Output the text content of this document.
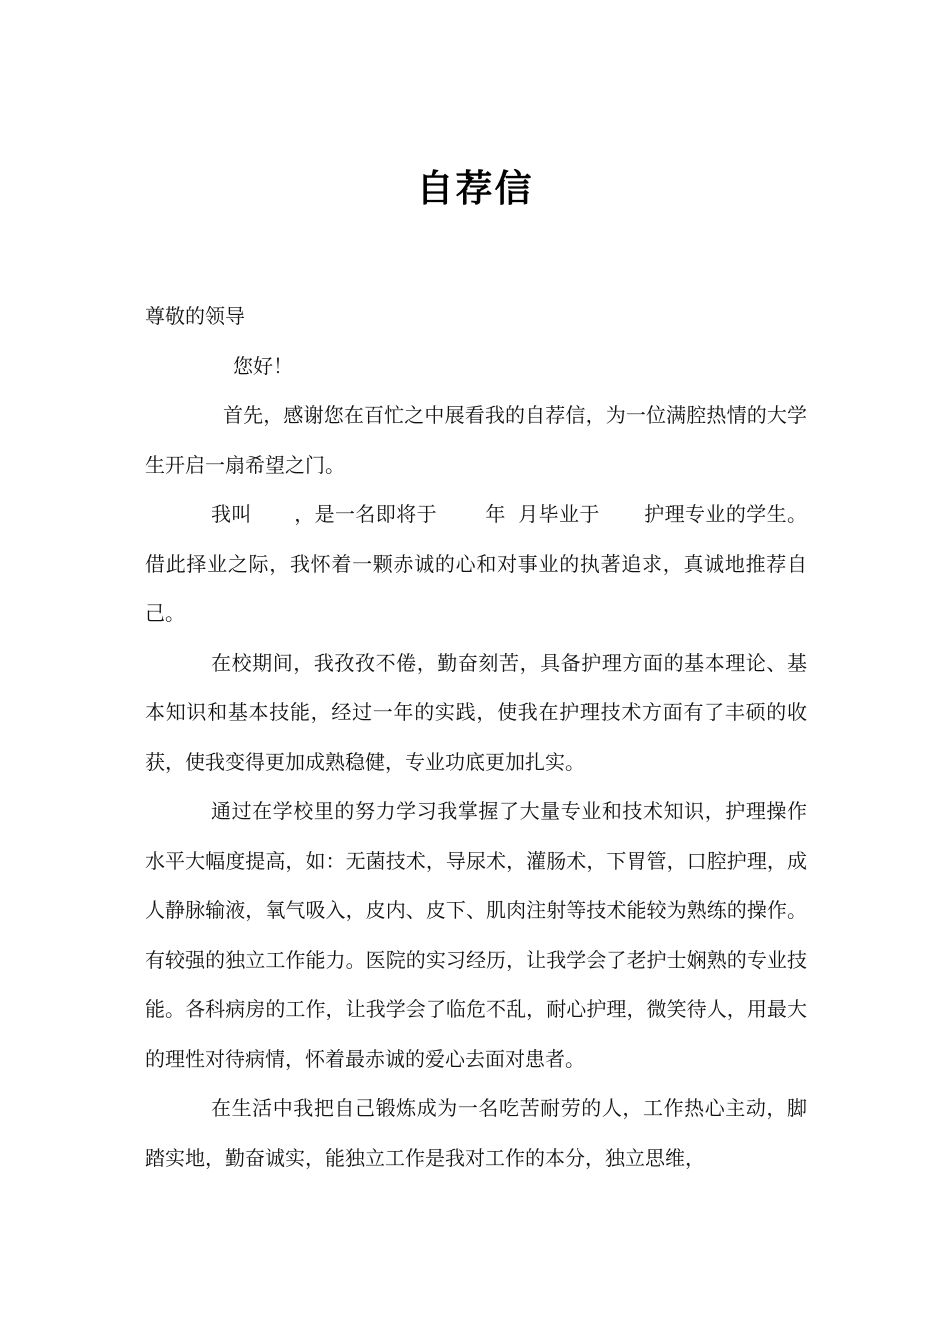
自荐信

尊敬的领导

您好！

首先，感谢您在百忙之中展看我的自荐信，为一位满腔热情的大学生开启一扇希望之门。

我叫 ，是一名即将于 年 月毕业于 护理专业的学生。借此择业之际，我怀着一颗赤诚的心和对事业的执著追求，真诚地推荐自己。

在校期间，我孜孜不倦，勤奋刻苦，具备护理方面的基本理论、基本知识和基本技能，经过一年的实践，使我在护理技术方面有了丰硕的收获，使我变得更加成熟稳健，专业功底更加扎实。

通过在学校里的努力学习我掌握了大量专业和技术知识，护理操作水平大幅度提高，如：无菌技术，导尿术，灌肠术，下胃管，口腔护理，成人静脉输液，氧气吸入，皮内、皮下、肌肉注射等技术能较为熟练的操作。有较强的独立工作能力。医院的实习经历，让我学会了老护士娴熟的专业技能。各科病房的工作，让我学会了临危不乱，耐心护理，微笑待人，用最大的理性对待病情，怀着最赤诚的爱心去面对患者。

在生活中我把自己锻炼成为一名吃苦耐劳的人，工作热心主动，脚踏实地，勤奋诚实，能独立工作是我对工作的本分，独立思维，
